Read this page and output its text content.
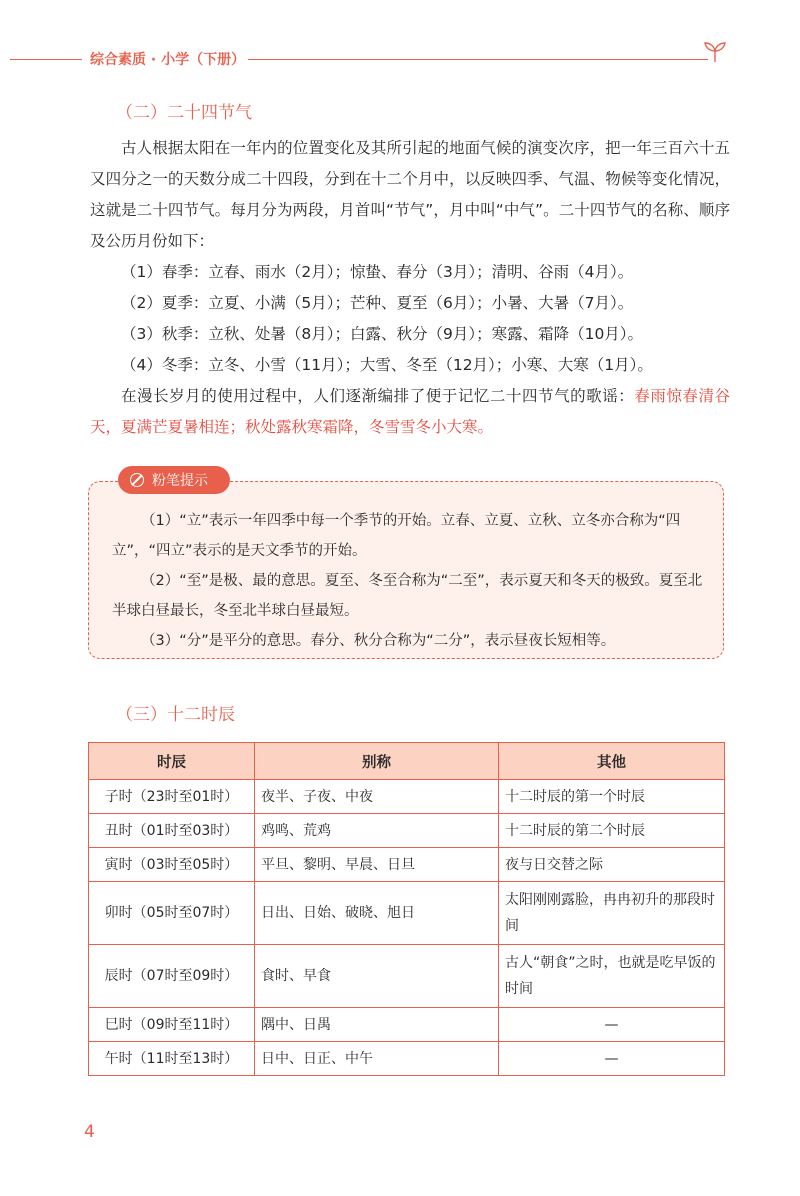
综合素质 · 小学（下册）
（二）二十四节气

古人根据太阳在一年内的位置变化及其所引起的地面气候的演变次序，把一年三百六十五又四分之一的天数分成二十四段，分到在十二个月中，以反映四季、气温、物候等变化情况，这就是二十四节气。每月分为两段，月首叫“节气”，月中叫“中气”。二十四节气的名称、顺序及公历月份如下：

（1）春季：立春、雨水（2月）；惊蛰、春分（3月）；清明、谷雨（4月）。
（2）夏季：立夏、小满（5月）；芒种、夏至（6月）；小暑、大暑（7月）。
（3）秋季：立秋、处暑（8月）；白露、秋分（9月）；寒露、霜降（10月）。
（4）冬季：立冬、小雪（11月）；大雪、冬至（12月）；小寒、大寒（1月）。

在漫长岁月的使用过程中，人们逐渐编排了便于记忆二十四节气的歌谣：春雨惊春清谷天，夏满芒夏暑相连；秋处露秋寒霜降，冬雪雪冬小大寒。

粉笔提示

（1）“立”表示一年四季中每一个季节的开始。立春、立夏、立秋、立冬亦合称为“四立”，“四立”表示的是天文季节的开始。

（2）“至”是极、最的意思。夏至、冬至合称为“二至”，表示夏天和冬天的极致。夏至北半球白昼最长，冬至北半球白昼最短。

（3）“分”是平分的意思。春分、秋分合称为“二分”，表示昼夜长短相等。

（三）十二时辰
时辰	别称	其他
子时（23时至01时）	夜半、子夜、中夜	十二时辰的第一个时辰
丑时（01时至03时）	鸡鸣、荒鸡	十二时辰的第二个时辰
寅时（03时至05时）	平旦、黎明、早晨、日旦	夜与日交替之际
卯时（05时至07时）	日出、日始、破晓、旭日	太阳刚刚露脸，冉冉初升的那段时间
辰时（07时至09时）	食时、早食	古人“朝食”之时，也就是吃早饭的时间
巳时（09时至11时）	隅中、日禺	—
午时（11时至13时）	日中、日正、中午	—
4
